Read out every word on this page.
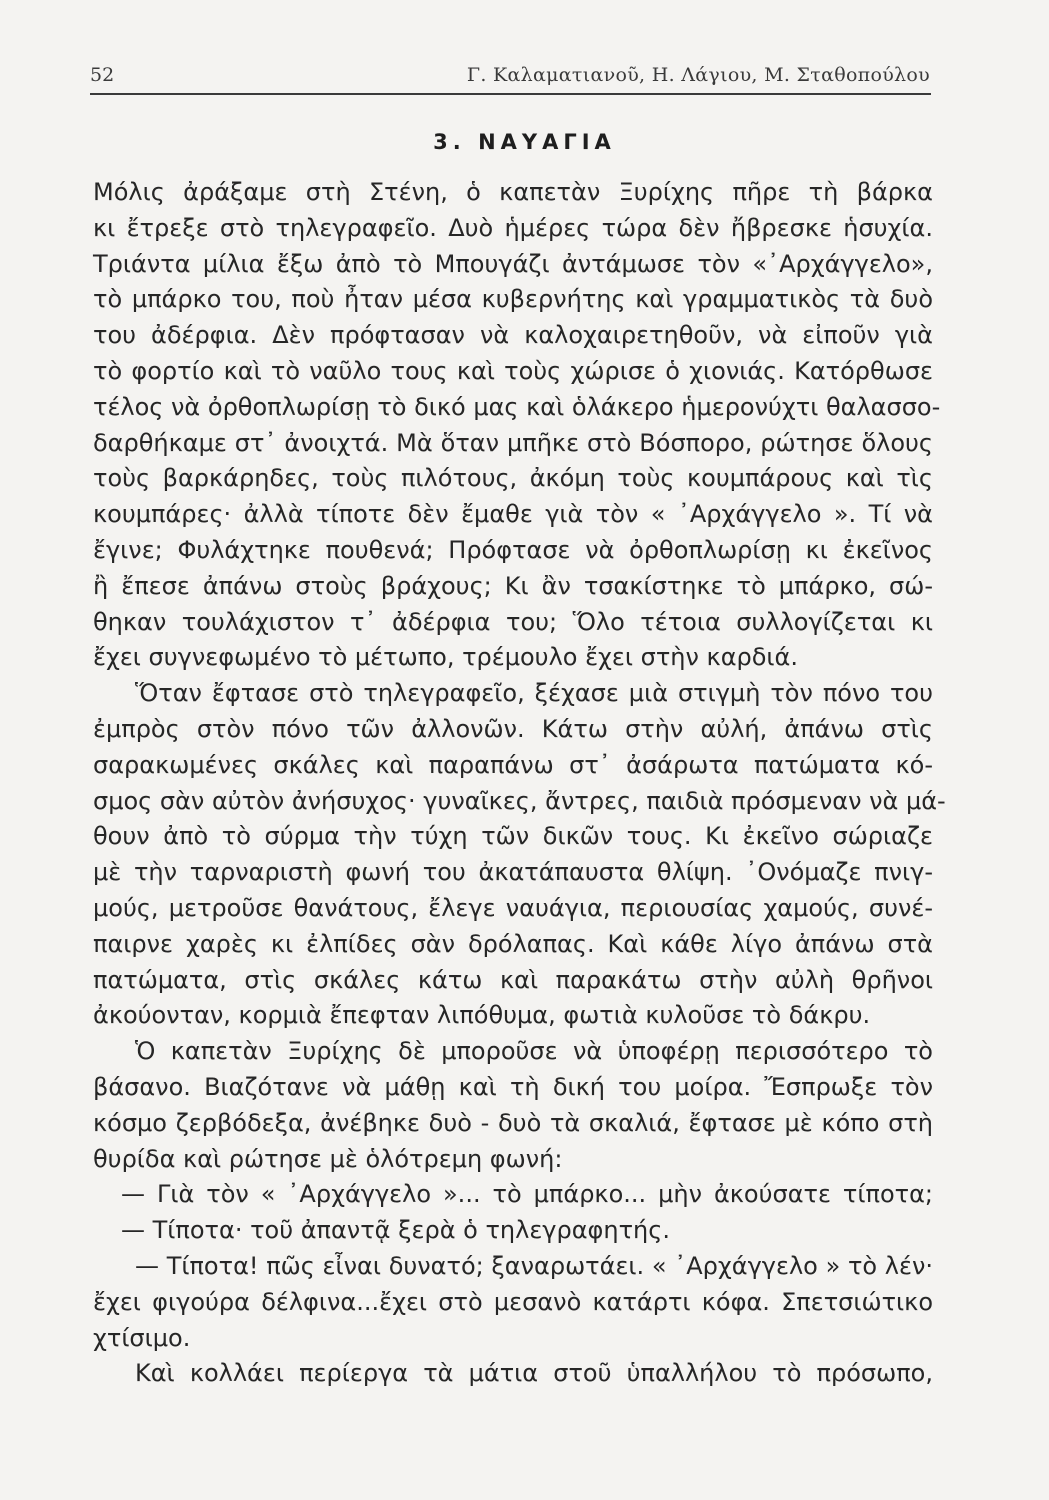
52	Γ. Καλαματιανοῦ, Η. Λάγιου, Μ. Σταθοπούλου
3. ΝΑΥΑΓΙΑ
Μόλις ἀράξαμε στὴ Στένη, ὁ καπετὰν Ξυρίχης πῆρε τὴ βάρκα
κι ἔτρεξε στὸ τηλεγραφεῖο. Δυὸ ἡμέρες τώρα δὲν ἤβρεσκε ἡσυχία.
Τριάντα μίλια ἔξω ἀπὸ τὸ Μπουγάζι ἀντάμωσε τὸν «᾿Αρχάγγελο»,
τὸ μπάρκο του, ποὺ ἦταν μέσα κυβερνήτης καὶ γραμματικὸς τὰ δυὸ
του ἀδέρφια. Δὲν πρόφτασαν νὰ καλοχαιρετηθοῦν, νὰ εἰποῦν γιὰ
τὸ φορτίο καὶ τὸ ναῦλο τους καὶ τοὺς χώρισε ὁ χιονιάς. Κατόρθωσε
τέλος νὰ ὀρθοπλωρίσῃ τὸ δικό μας καὶ ὁλάκερο ἡμερονύχτι θαλασσο-
δαρθήκαμε στ᾿ ἀνοιχτά. Μὰ ὅταν μπῆκε στὸ Βόσπορο, ρώτησε ὅλους
τοὺς βαρκάρηδες, τοὺς πιλότους, ἀκόμη τοὺς κουμπάρους καὶ τὶς
κουμπάρες· ἀλλὰ τίποτε δὲν ἔμαθε γιὰ τὸν « ᾿Αρχάγγελο ». Τί νὰ
ἔγινε; Φυλάχτηκε πουθενά; Πρόφτασε νὰ ὀρθοπλωρίσῃ κι ἐκεῖνος
ἢ ἔπεσε ἀπάνω στοὺς βράχους; Κι ἂν τσακίστηκε τὸ μπάρκο, σώ-
θηκαν τουλάχιστον τ᾿ ἀδέρφια του; Ὅλο τέτοια συλλογίζεται κι
ἔχει συγνεφωμένο τὸ μέτωπο, τρέμουλο ἔχει στὴν καρδιά.
Ὅταν ἔφτασε στὸ τηλεγραφεῖο, ξέχασε μιὰ στιγμὴ τὸν πόνο του
ἐμπρὸς στὸν πόνο τῶν ἀλλονῶν. Κάτω στὴν αὐλή, ἀπάνω στὶς
σαρακωμένες σκάλες καὶ παραπάνω στ᾿ ἀσάρωτα πατώματα κό-
σμος σὰν αὐτὸν ἀνήσυχος· γυναῖκες, ἄντρες, παιδιὰ πρόσμεναν νὰ μά-
θουν ἀπὸ τὸ σύρμα τὴν τύχη τῶν δικῶν τους. Κι ἐκεῖνο σώριαζε
μὲ τὴν ταρναριστὴ φωνή του ἀκατάπαυστα θλίψη. ᾿Ονόμαζε πνιγ-
μούς, μετροῦσε θανάτους, ἔλεγε ναυάγια, περιουσίας χαμούς, συνέ-
παιρνε χαρὲς κι ἐλπίδες σὰν δρόλαπας. Καὶ κάθε λίγο ἀπάνω στὰ
πατώματα, στὶς σκάλες κάτω καὶ παρακάτω στὴν αὐλὴ θρῆνοι
ἀκούονταν, κορμιὰ ἔπεφταν λιπόθυμα, φωτιὰ κυλοῦσε τὸ δάκρυ.
Ὁ καπετὰν Ξυρίχης δὲ μποροῦσε νὰ ὑποφέρῃ περισσότερο τὸ
βάσανο. Βιαζότανε νὰ μάθῃ καὶ τὴ δική του μοίρα. Ἔσπρωξε τὸν
κόσμο ζερβόδεξα, ἀνέβηκε δυὸ - δυὸ τὰ σκαλιά, ἔφτασε μὲ κόπο στὴ
θυρίδα καὶ ρώτησε μὲ ὁλότρεμη φωνή:
— Γιὰ τὸν « ᾿Αρχάγγελο »... τὸ μπάρκο... μὴν ἀκούσατε τίποτα;
— Τίποτα· τοῦ ἀπαντᾷ ξερὰ ὁ τηλεγραφητής.
— Τίποτα! πῶς εἶναι δυνατό; ξαναρωτάει. « ᾿Αρχάγγελο » τὸ λέν·
ἔχει φιγούρα δέλφινα...ἔχει στὸ μεσανὸ κατάρτι κόφα. Σπετσιώτικο
χτίσιμο.
Καὶ κολλάει περίεργα τὰ μάτια στοῦ ὑπαλλήλου τὸ πρόσωπο,
